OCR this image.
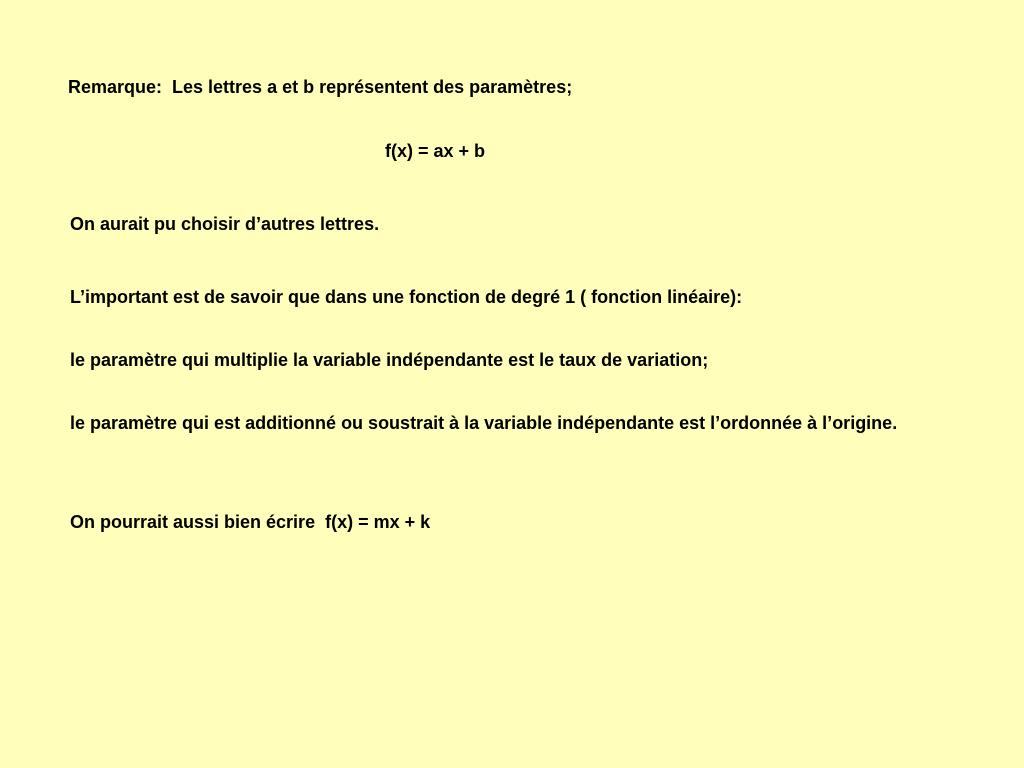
Remarque:  Les lettres a et b représentent des paramètres;
f(x) = ax + b
On aurait pu choisir d’autres lettres.
L’important est de savoir que dans une fonction de degré 1 ( fonction linéaire):
le paramètre qui multiplie la variable indépendante est le taux de variation;
le paramètre qui est additionné ou soustrait à la variable indépendante est l’ordonnée à l’origine.
On pourrait aussi bien écrire  f(x) = mx + k
